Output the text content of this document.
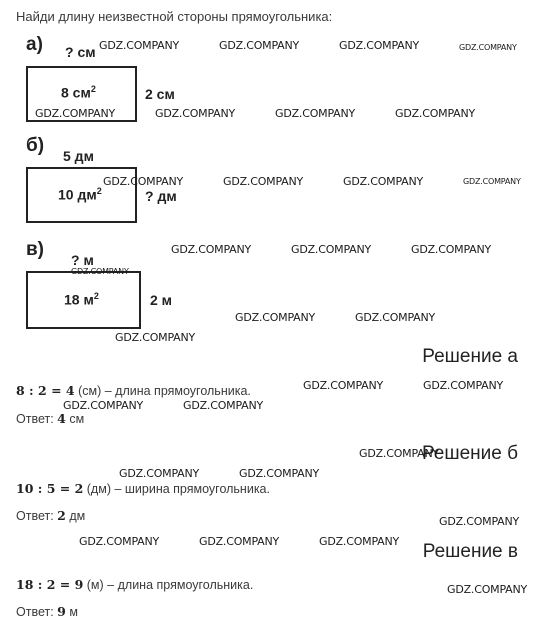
Найди длину неизвестной стороны прямоугольника:
а) ? см
8 $см^2$	2 см
б) 5 дм
10 $дм^2$	? дм
в) ? м
18 $м^2$	2 м
Решение а
8 : 2 = 4 (см) – длина прямоугольника.
Ответ: 4 см
Решение б
10 : 5 = 2 (дм) – ширина прямоугольника.
Ответ: 2 дм
Решение в
18 : 2 = 9 (м) – длина прямоугольника.
Ответ: 9 м
GDZ.COMPANY	GDZ.COMPANY	GDZ.COMPANY	GDZ.COMPANY
GDZ.COMPANY	GDZ.COMPANY	GDZ.COMPANY	GDZ.COMPANY
GDZ.COMPANY	GDZ.COMPANY	GDZ.COMPANY	GDZ.COMPANY
GDZ.COMPANY	GDZ.COMPANY	GDZ.COMPANY
GDZ.COMPANY
GDZ.COMPANY	GDZ.COMPANY
GDZ.COMPANY
GDZ.COMPANY	GDZ.COMPANY
GDZ.COMPANY	GDZ.COMPANY
GDZ.COMPANY
GDZ.COMPANY	GDZ.COMPANY
GDZ.COMPANY
GDZ.COMPANY	GDZ.COMPANY	GDZ.COMPANY
GDZ.COMPANY
